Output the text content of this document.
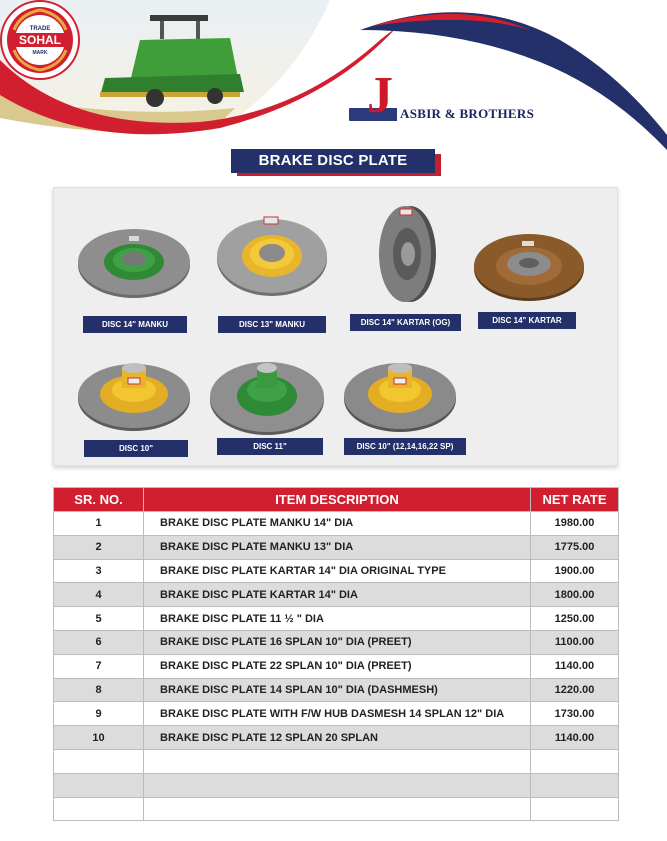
J ASBIR & BROTHERS
TRADE
SOHAL
MARK
BRAKE DISC PLATE
DISC 14" MANKU	DISC 13" MANKU	DISC 14" KARTAR (OG)	DISC 14" KARTAR
DISC 10"	DISC 11"	DISC 10" (12,14,16,22 SP)
SR. NO.	ITEM DESCRIPTION	NET RATE
1	BRAKE DISC PLATE MANKU 14" DIA	1980.00
2	BRAKE DISC PLATE MANKU 13" DIA	1775.00
3	BRAKE DISC PLATE KARTAR 14" DIA ORIGINAL TYPE	1900.00
4	BRAKE DISC PLATE KARTAR 14" DIA	1800.00
5	BRAKE DISC PLATE 11 ½ " DIA	1250.00
6	BRAKE DISC PLATE 16 SPLAN 10" DIA (PREET)	1100.00
7	BRAKE DISC PLATE 22 SPLAN 10" DIA (PREET)	1140.00
8	BRAKE DISC PLATE 14 SPLAN 10" DIA (DASHMESH)	1220.00
9	BRAKE DISC PLATE WITH F/W HUB DASMESH 14 SPLAN 12" DIA	1730.00
10	BRAKE DISC PLATE 12 SPLAN 20 SPLAN	1140.00
